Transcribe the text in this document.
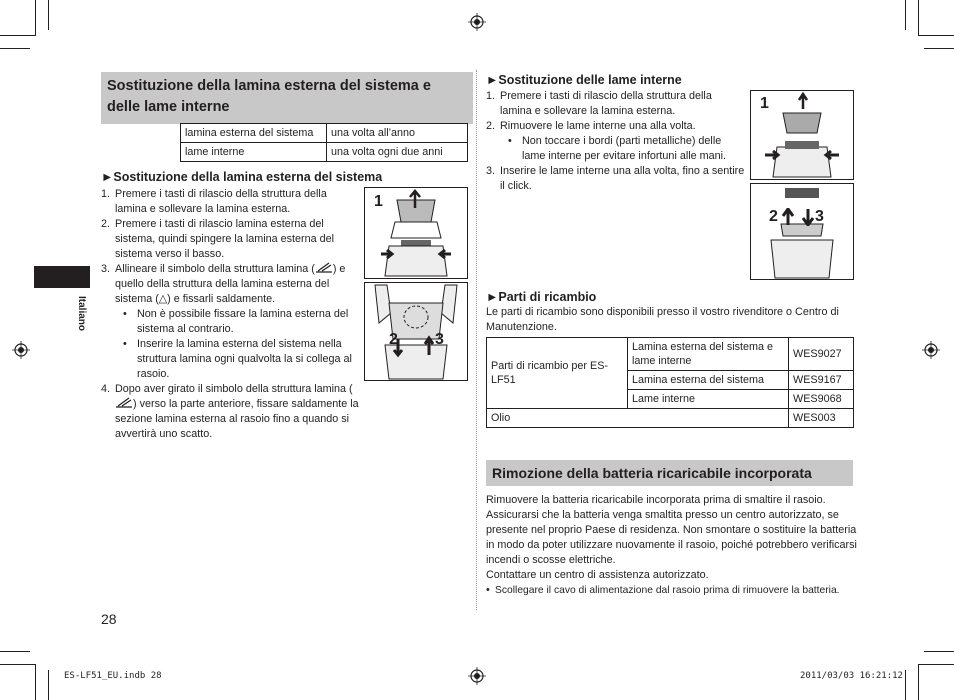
Italiano
Sostituzione della lamina esterna del sistema e delle lame interne
lamina esterna del sistema	una volta all’anno
lame interne	una volta ogni due anni
►Sostituzione della lamina esterna del sistema
1. Premere i tasti di rilascio della struttura della lamina e sollevare la lamina esterna.
2. Premere i tasti di rilascio lamina esterna del sistema, quindi spingere la lamina esterna del sistema verso il basso.
3. Allineare il simbolo della struttura lamina ( ) e quello della struttura della lamina esterna del sistema (△) e fissarli saldamente.
• Non è possibile fissare la lamina esterna del sistema al contrario.
• Inserire la lamina esterna del sistema nella struttura lamina ogni qualvolta la si collega al rasoio.
4. Dopo aver girato il simbolo della struttura lamina () verso la parte anteriore, fissare saldamente la sezione lamina esterna al rasoio fino a quando si avvertirà uno scatto.
1
2 3
►Sostituzione delle lame interne
1. Premere i tasti di rilascio della struttura della lamina e sollevare la lamina esterna.
2. Rimuovere le lame interne una alla volta.
• Non toccare i bordi (parti metalliche) delle lame interne per evitare infortuni alle mani.
3. Inserire le lame interne una alla volta, fino a sentire il click.
1
2 3
►Parti di ricambio
Le parti di ricambio sono disponibili presso il vostro rivenditore o Centro di Manutenzione.
Parti di ricambio per ES-LF51	Lamina esterna del sistema e lame interne	WES9027
	Lamina esterna del sistema	WES9167
	Lame interne	WES9068
Olio		WES003
Rimozione della batteria ricaricabile incorporata
Rimuovere la batteria ricaricabile incorporata prima di smaltire il rasoio. Assicurarsi che la batteria venga smaltita presso un centro autorizzato, se presente nel proprio Paese di residenza. Non smontare o sostituire la batteria in modo da poter utilizzare nuovamente il rasoio, poiché potrebbero verificarsi incendi o scosse elettriche.
Contattare un centro di assistenza autorizzato.
• Scollegare il cavo di alimentazione dal rasoio prima di rimuovere la batteria.
28
ES-LF51_EU.indb 28	2011/03/03 16:21:12
